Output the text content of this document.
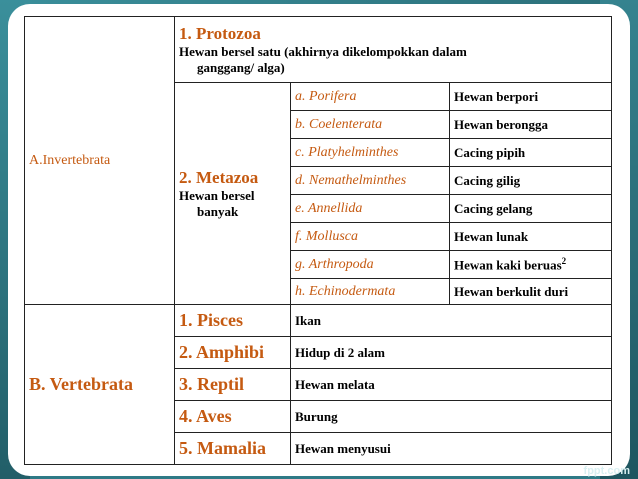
A.Invertebrata	1. Protozoa
Hewan bersel satu (akhirnya dikelompokkan dalam
ganggang/ alga)		

	2. Metazoa
Hewan bersel
banyak	a. Porifera	Hewan berpori
		b. Coelenterata	Hewan berongga
		c. Platyhelminthes	Cacing pipih
		d. Nemathelminthes	Cacing gilig
		e. Annellida	Cacing gelang
		f. Mollusca	Hewan lunak
		g. Arthropoda	Hewan kaki beruas$^2$
		h. Echinodermata	Hewan berkulit duri
B. Vertebrata	1. Pisces	Ikan	
	2. Amphibi	Hidup di 2 alam	
	3. Reptil	Hewan melata	
	4. Aves	Burung	
	5. Mamalia	Hewan menyusui	
fppt.com
